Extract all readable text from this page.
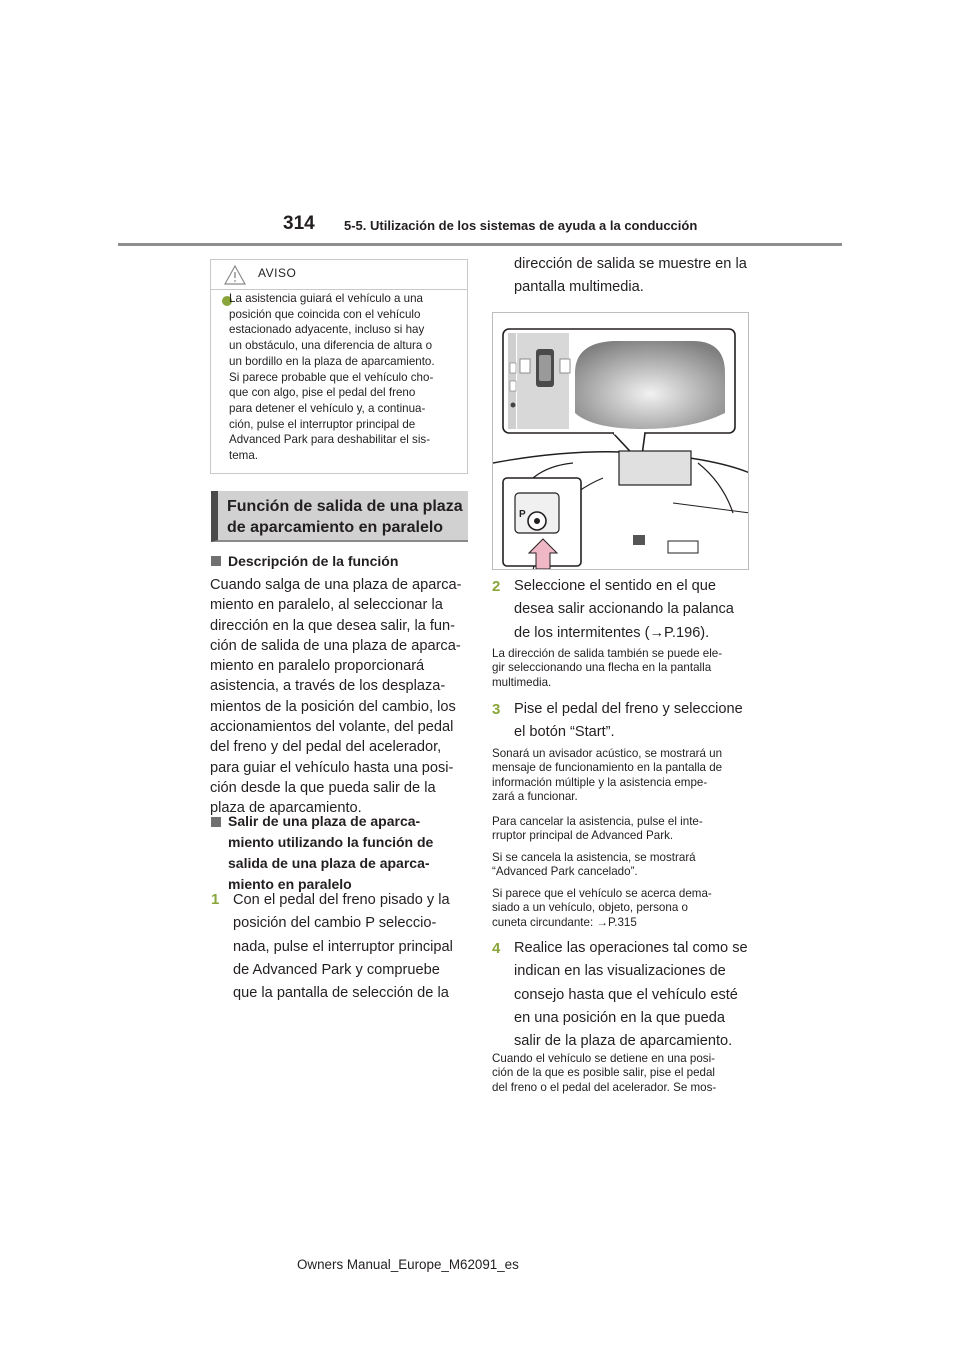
314 5-5. Utilización de los sistemas de ayuda a la conducción
AVISO
La asistencia guiará el vehículo a una
posición que coincida con el vehículo
estacionado adyacente, incluso si hay
un obstáculo, una diferencia de altura o
un bordillo en la plaza de aparcamiento.
Si parece probable que el vehículo cho-
que con algo, pise el pedal del freno
para detener el vehículo y, a continua-
ción, pulse el interruptor principal de
Advanced Park para deshabilitar el sis-
tema.
Función de salida de una plaza
de aparcamiento en paralelo
Descripción de la función
Cuando salga de una plaza de aparca-
miento en paralelo, al seleccionar la
dirección en la que desea salir, la fun-
ción de salida de una plaza de aparca-
miento en paralelo proporcionará
asistencia, a través de los desplaza-
mientos de la posición del cambio, los
accionamientos del volante, del pedal
del freno y del pedal del acelerador,
para guiar el vehículo hasta una posi-
ción desde la que pueda salir de la
plaza de aparcamiento.
Salir de una plaza de aparca-
miento utilizando la función de
salida de una plaza de aparca-
miento en paralelo
1 Con el pedal del freno pisado y la
posición del cambio P seleccio-
nada, pulse el interruptor principal
de Advanced Park y compruebe
que la pantalla de selección de la
dirección de salida se muestre en la
pantalla multimedia.
P
2 Seleccione el sentido en el que
desea salir accionando la palanca
de los intermitentes (→P.196).
La dirección de salida también se puede ele-
gir seleccionando una flecha en la pantalla
multimedia.
3 Pise el pedal del freno y seleccione
el botón “Start”.
Sonará un avisador acústico, se mostrará un
mensaje de funcionamiento en la pantalla de
información múltiple y la asistencia empe-
zará a funcionar.
Para cancelar la asistencia, pulse el inte-
rruptor principal de Advanced Park.
Si se cancela la asistencia, se mostrará
“Advanced Park cancelado”.
Si parece que el vehículo se acerca dema-
siado a un vehículo, objeto, persona o
cuneta circundante: →P.315
4 Realice las operaciones tal como se
indican en las visualizaciones de
consejo hasta que el vehículo esté
en una posición en la que pueda
salir de la plaza de aparcamiento.
Cuando el vehículo se detiene en una posi-
ción de la que es posible salir, pise el pedal
del freno o el pedal del acelerador. Se mos-
Owners Manual_Europe_M62091_es
